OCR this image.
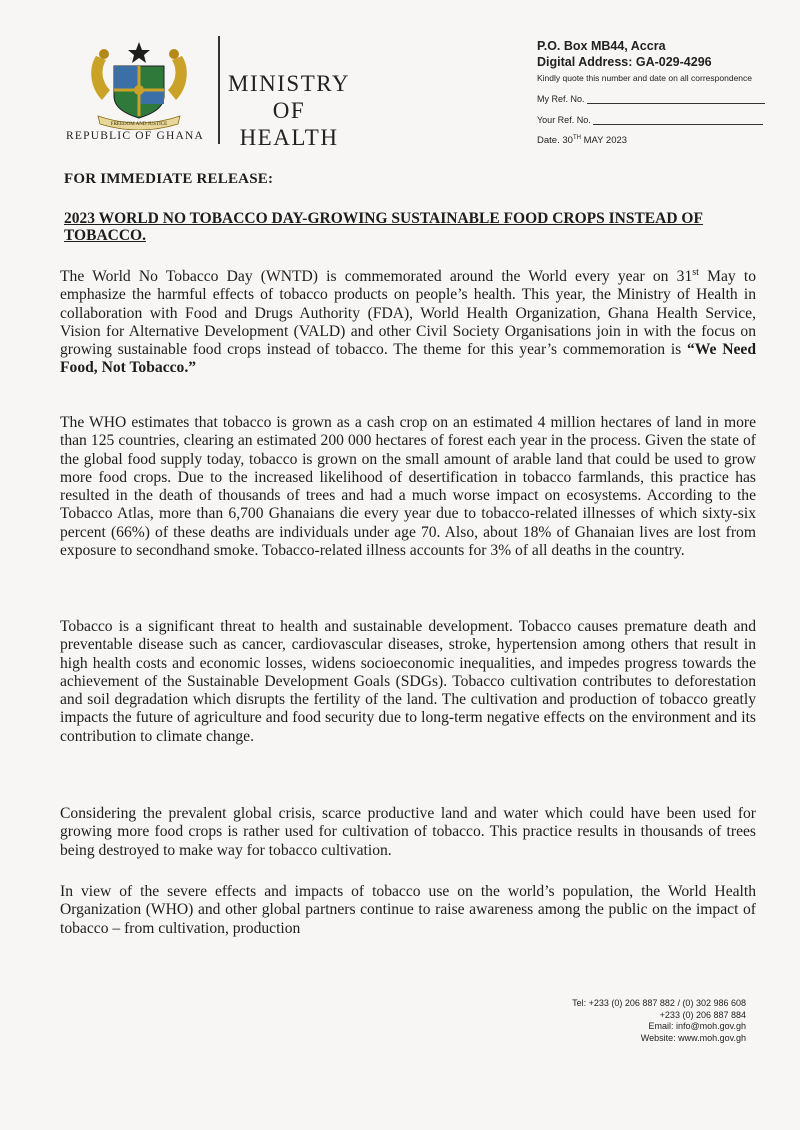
FREEDOM AND JUSTICE
REPUBLIC OF GHANA
MINISTRY
OF
HEALTH
P.O. Box MB44, Accra
Digital Address: GA-029-4296
Kindly quote this number and date on all correspondence
My Ref. No.
Your Ref. No.
Date. 30TH MAY 2023
FOR IMMEDIATE RELEASE:
2023 WORLD NO TOBACCO DAY-GROWING SUSTAINABLE FOOD CROPS INSTEAD OF TOBACCO.
The World No Tobacco Day (WNTD) is commemorated around the World every year on 31st May to emphasize the harmful effects of tobacco products on people’s health. This year, the Ministry of Health in collaboration with Food and Drugs Authority (FDA), World Health Organization, Ghana Health Service, Vision for Alternative Development (VALD) and other Civil Society Organisations join in with the focus on growing sustainable food crops instead of tobacco. The theme for this year’s commemoration is “We Need Food, Not Tobacco.”
The WHO estimates that tobacco is grown as a cash crop on an estimated 4 million hectares of land in more than 125 countries, clearing an estimated 200 000 hectares of forest each year in the process. Given the state of the global food supply today, tobacco is grown on the small amount of arable land that could be used to grow more food crops. Due to the increased likelihood of desertification in tobacco farmlands, this practice has resulted in the death of thousands of trees and had a much worse impact on ecosystems. According to the Tobacco Atlas, more than 6,700 Ghanaians die every year due to tobacco-related illnesses of which sixty-six percent (66%) of these deaths are individuals under age 70. Also, about 18% of Ghanaian lives are lost from exposure to secondhand smoke. Tobacco-related illness accounts for 3% of all deaths in the country.
Tobacco is a significant threat to health and sustainable development. Tobacco causes premature death and preventable disease such as cancer, cardiovascular diseases, stroke, hypertension among others that result in high health costs and economic losses, widens socioeconomic inequalities, and impedes progress towards the achievement of the Sustainable Development Goals (SDGs). Tobacco cultivation contributes to deforestation and soil degradation which disrupts the fertility of the land. The cultivation and production of tobacco greatly impacts the future of agriculture and food security due to long-term negative effects on the environment and its contribution to climate change.
Considering the prevalent global crisis, scarce productive land and water which could have been used for growing more food crops is rather used for cultivation of tobacco. This practice results in thousands of trees being destroyed to make way for tobacco cultivation.
In view of the severe effects and impacts of tobacco use on the world’s population, the World Health Organization (WHO) and other global partners continue to raise awareness among the public on the impact of tobacco – from cultivation, production
Tel: +233 (0) 206 887 882 / (0) 302 986 608
+233 (0) 206 887 884
Email: info@moh.gov.gh
Website: www.moh.gov.gh
